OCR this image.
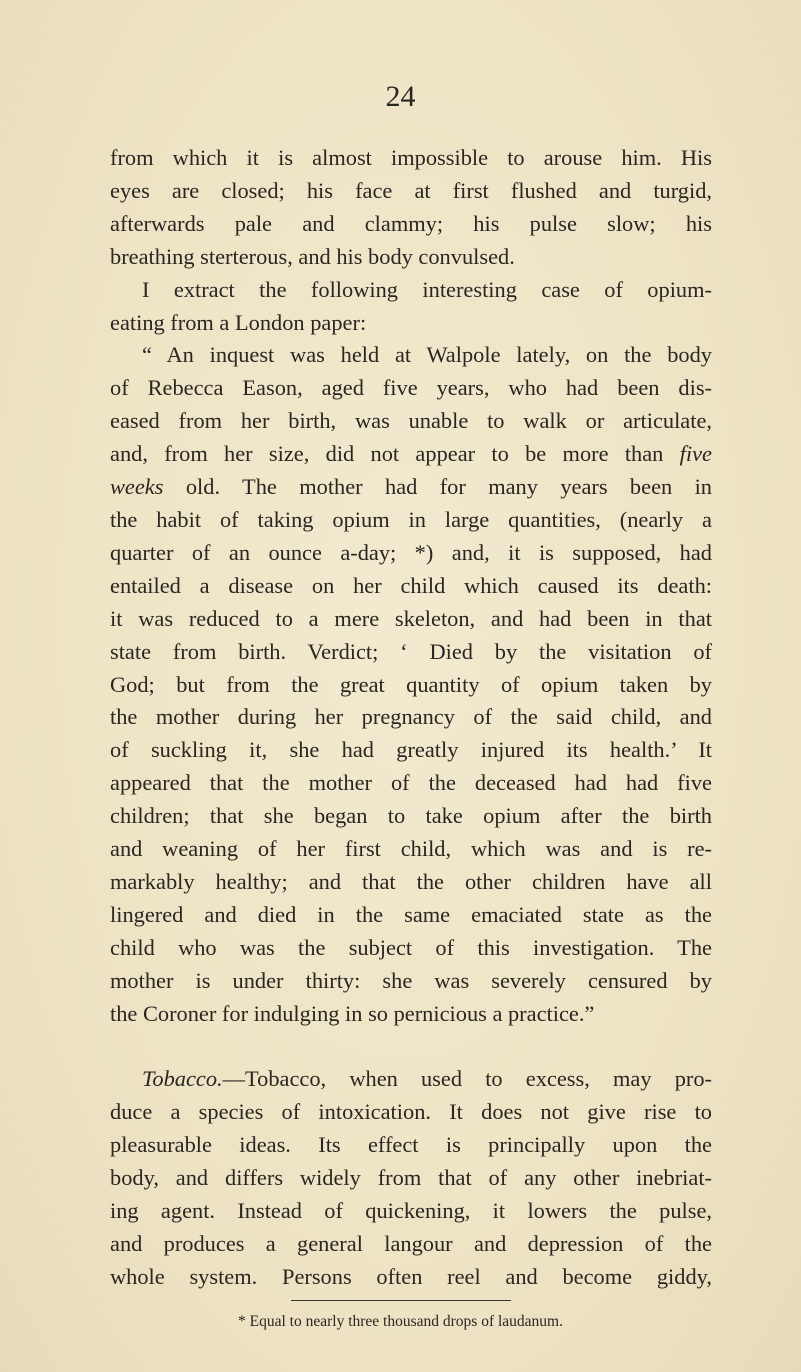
24
from which it is almost impossible to arouse him. His
eyes are closed; his face at first flushed and turgid,
afterwards pale and clammy; his pulse slow; his
breathing sterterous, and his body convulsed.
I extract the following interesting case of opium-
eating from a London paper:
“ An inquest was held at Walpole lately, on the body
of Rebecca Eason, aged five years, who had been dis-
eased from her birth, was unable to walk or articulate,
and, from her size, did not appear to be more than five
weeks old. The mother had for many years been in
the habit of taking opium in large quantities, (nearly a
quarter of an ounce a-day; *) and, it is supposed, had
entailed a disease on her child which caused its death:
it was reduced to a mere skeleton, and had been in that
state from birth. Verdict; ‘ Died by the visitation of
God; but from the great quantity of opium taken by
the mother during her pregnancy of the said child, and
of suckling it, she had greatly injured its health.’ It
appeared that the mother of the deceased had had five
children; that she began to take opium after the birth
and weaning of her first child, which was and is re-
markably healthy; and that the other children have all
lingered and died in the same emaciated state as the
child who was the subject of this investigation. The
mother is under thirty: she was severely censured by
the Coroner for indulging in so pernicious a practice.”
Tobacco.—Tobacco, when used to excess, may pro-
duce a species of intoxication. It does not give rise to
pleasurable ideas. Its effect is principally upon the
body, and differs widely from that of any other inebriat-
ing agent. Instead of quickening, it lowers the pulse,
and produces a general langour and depression of the
whole system. Persons often reel and become giddy,
* Equal to nearly three thousand drops of laudanum.
